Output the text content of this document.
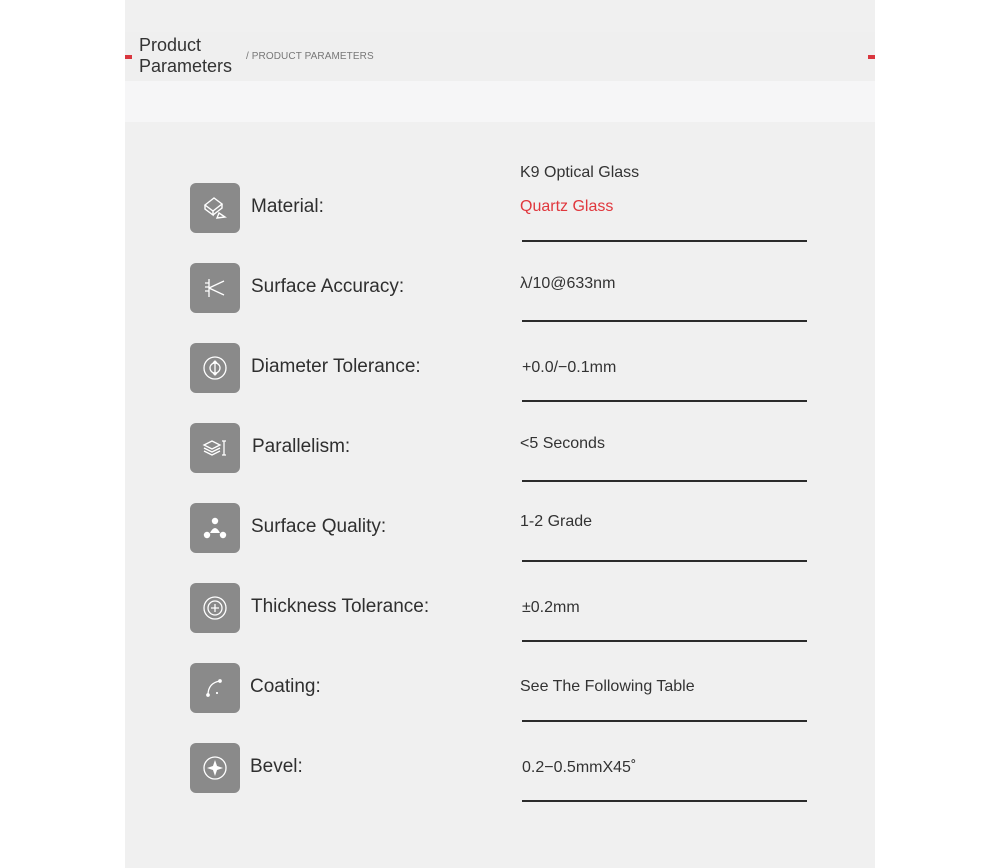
Product Parameters	/ PRODUCT PARAMETERS
Material:
K9 Optical Glass
Quartz Glass
Surface Accuracy:	λ/10@633nm
Diameter Tolerance:	+0.0/−0.1mm
Parallelism:	<5 Seconds
Surface Quality:	1-2 Grade
Thickness Tolerance:	±0.2mm
Coating:	See The Following Table
Bevel:	0.2−0.5mmX45˚
